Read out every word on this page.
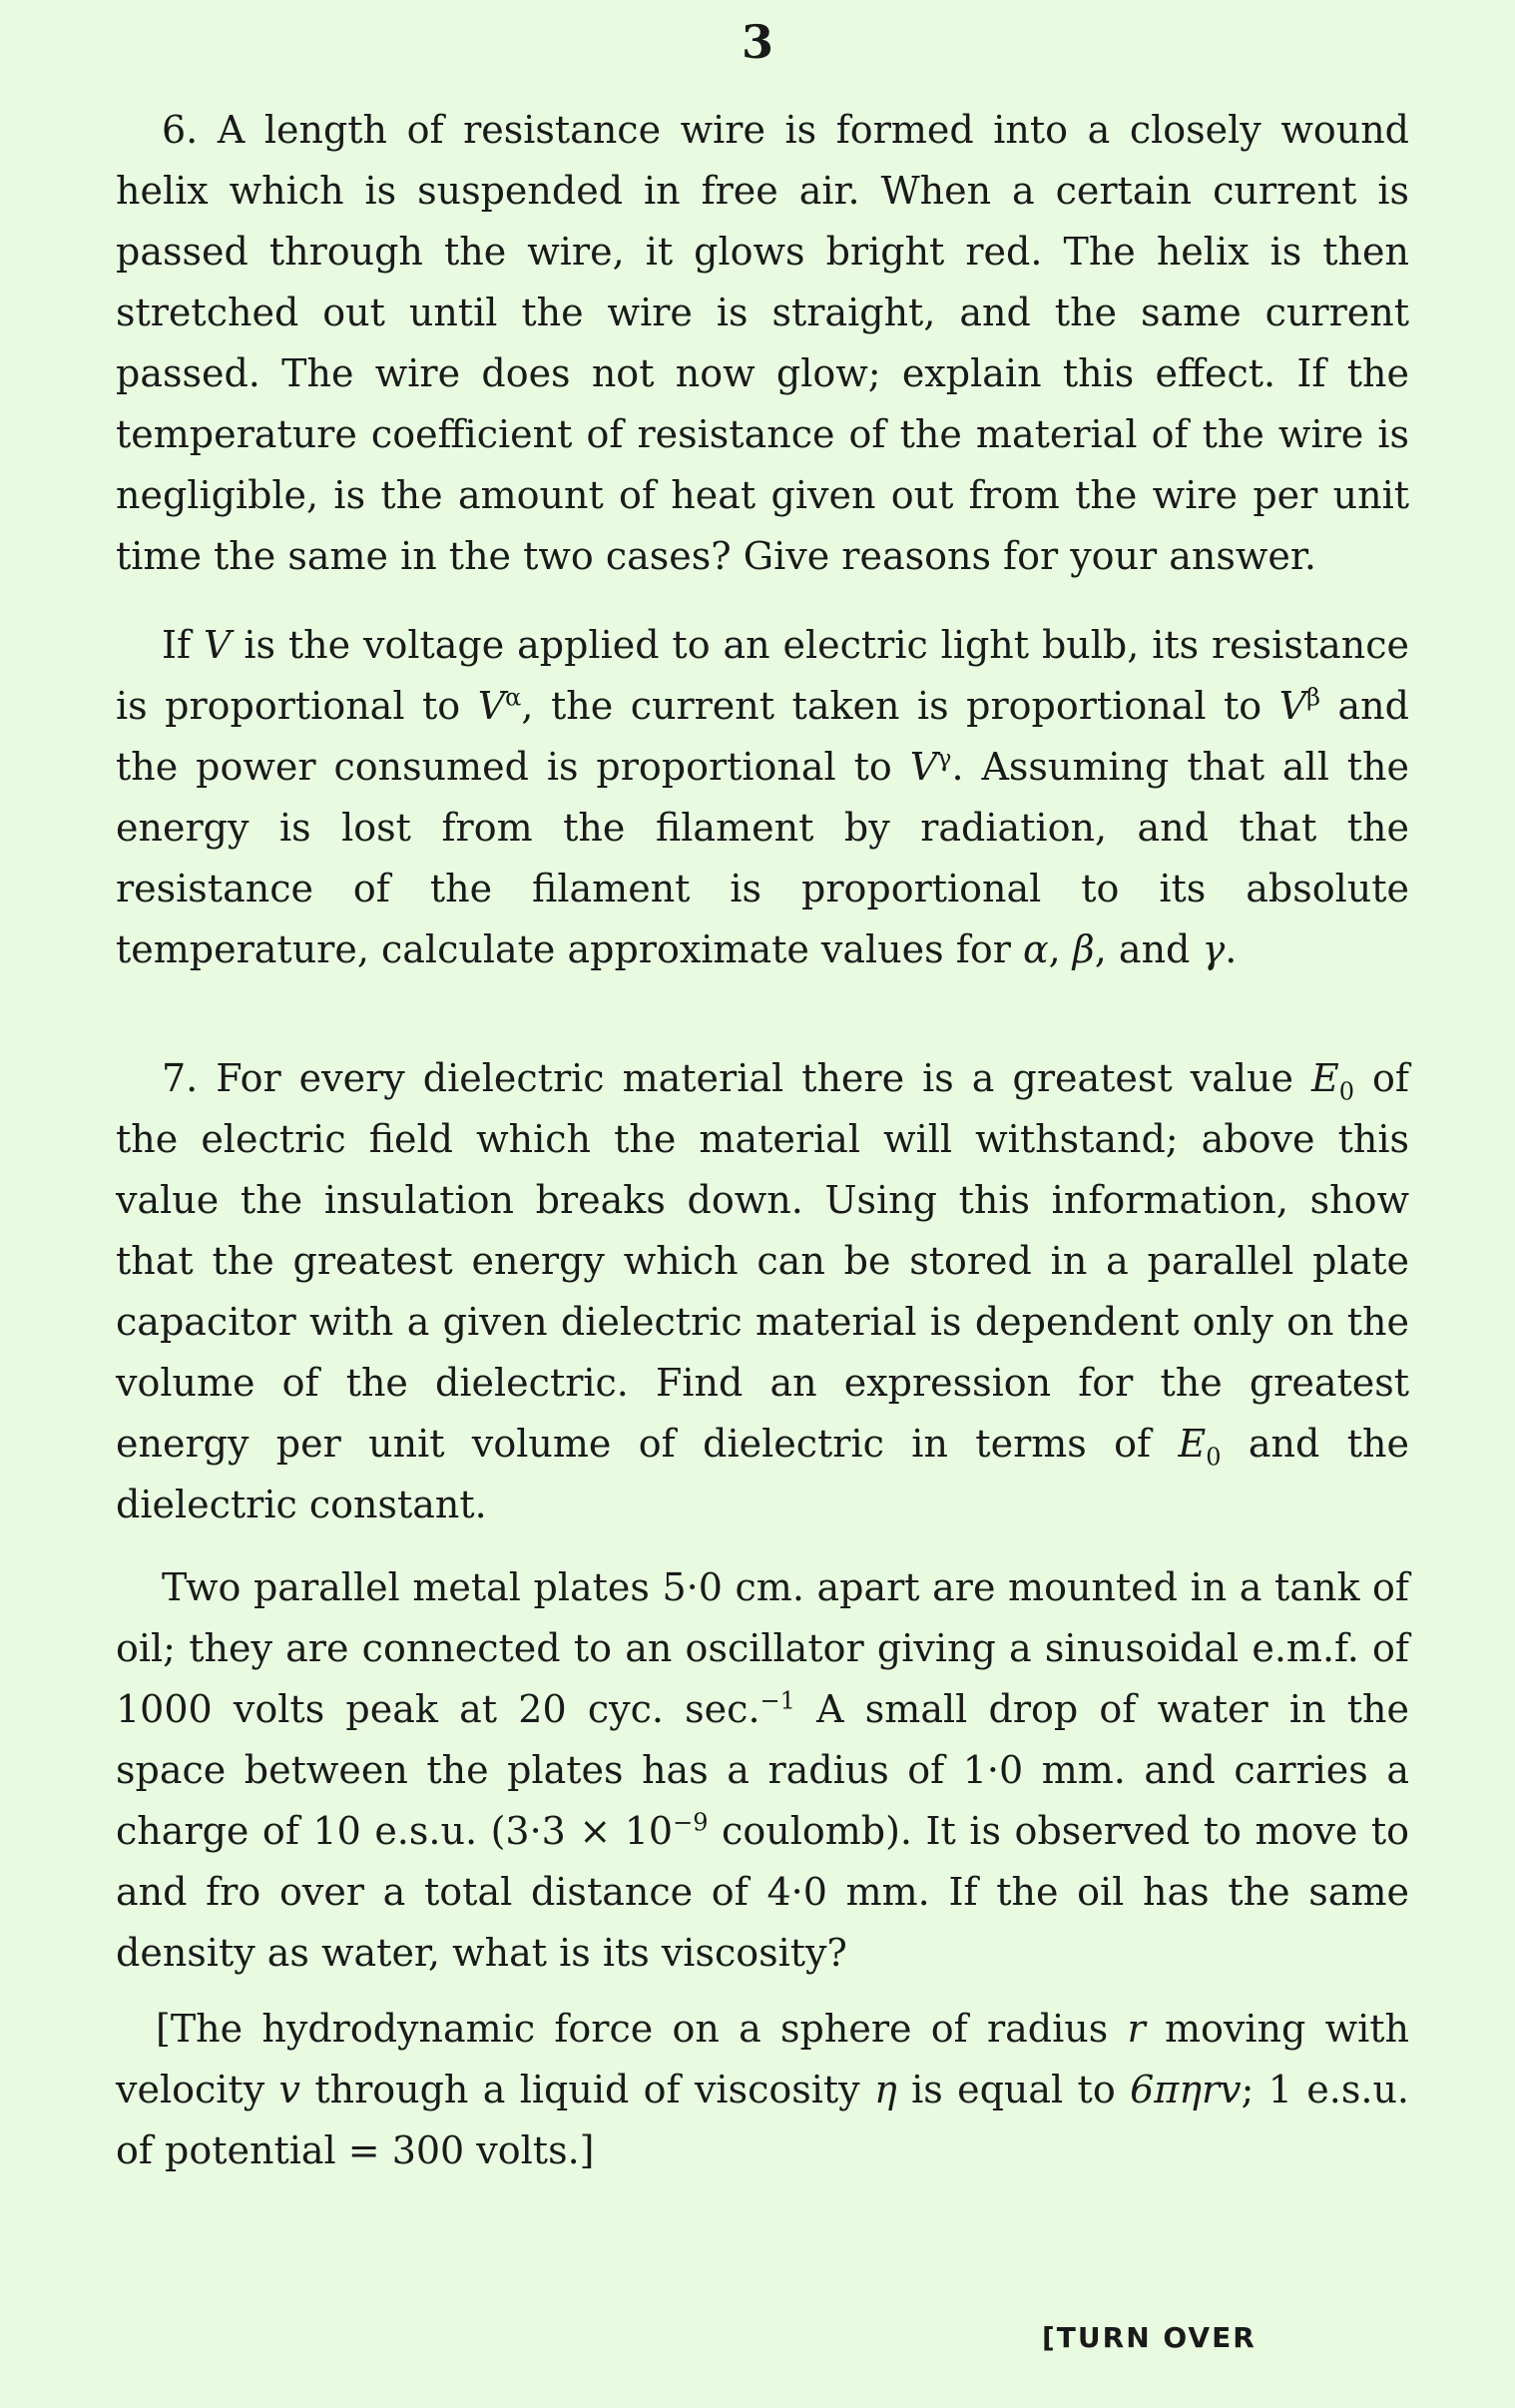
3

6. A length of resistance wire is formed into a closely wound helix which is suspended in free air. When a certain current is passed through the wire, it glows bright red. The helix is then stretched out until the wire is straight, and the same current passed. The wire does not now glow; explain this effect. If the temperature coefficient of resistance of the material of the wire is negligible, is the amount of heat given out from the wire per unit time the same in the two cases? Give reasons for your answer.

If V is the voltage applied to an electric light bulb, its resistance is proportional to $V^\alpha$, the current taken is proportional to $V^\beta$ and the power consumed is proportional to $V^\gamma$. Assuming that all the energy is lost from the filament by radiation, and that the resistance of the filament is proportional to its absolute temperature, calculate approximate values for α, β, and γ.

7. For every dielectric material there is a greatest value $E_0$ of the electric field which the material will withstand; above this value the insulation breaks down. Using this information, show that the greatest energy which can be stored in a parallel plate capacitor with a given dielectric material is dependent only on the volume of the dielectric. Find an expression for the greatest energy per unit volume of dielectric in terms of $E_0$ and the dielectric constant.

Two parallel metal plates 5·0 cm. apart are mounted in a tank of oil; they are connected to an oscillator giving a sinusoidal e.m.f. of 1000 volts peak at 20 cyc. sec.$^{-1}$ A small drop of water in the space between the plates has a radius of 1·0 mm. and carries a charge of 10 e.s.u. ($3\cdot 3 \times 10^{-9}$ coulomb). It is observed to move to and fro over a total distance of 4·0 mm. If the oil has the same density as water, what is its viscosity?

[The hydrodynamic force on a sphere of radius r moving with velocity v through a liquid of viscosity η is equal to 6πηrv; 1 e.s.u. of potential = 300 volts.]

[TURN OVER
